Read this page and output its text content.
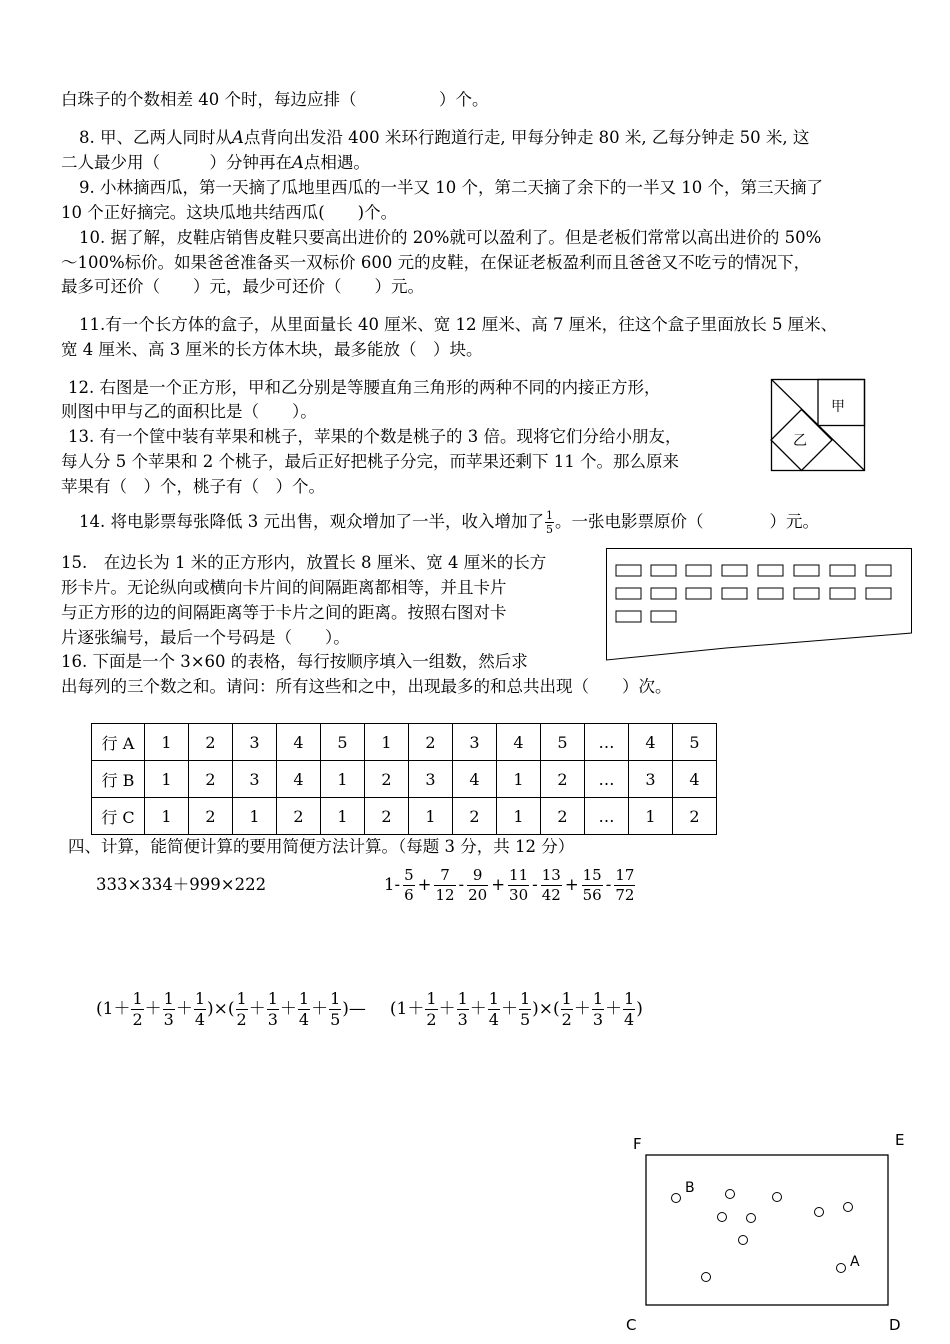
白珠子的个数相差 40 个时，每边应排（　　　　　）个。
8. 甲、乙两人同时从A点背向出发沿 400 米环行跑道行走, 甲每分钟走 80 米, 乙每分钟走 50 米, 这
二人最少用（　　　）分钟再在A点相遇。
9. 小林摘西瓜，第一天摘了瓜地里西瓜的一半又 10 个，第二天摘了余下的一半又 10 个，第三天摘了
10 个正好摘完。这块瓜地共结西瓜(　　)个。
10. 据了解，皮鞋店销售皮鞋只要高出进价的 20%就可以盈利了。但是老板们常常以高出进价的 50%
～100%标价。如果爸爸准备买一双标价 600 元的皮鞋，在保证老板盈利而且爸爸又不吃亏的情况下，
最多可还价（　　）元，最少可还价（　　）元。
11.有一个长方体的盒子，从里面量长 40 厘米、宽 12 厘米、高 7 厘米，往这个盒子里面放长 5 厘米、
宽 4 厘米、高 3 厘米的长方体木块，最多能放（　）块。
12. 右图是一个正方形，甲和乙分别是等腰直角三角形的两种不同的内接正方形，
则图中甲与乙的面积比是（　　）。
13. 有一个筐中装有苹果和桃子，苹果的个数是桃子的 3 倍。现将它们分给小朋友，
每人分 5 个苹果和 2 个桃子，最后正好把桃子分完，而苹果还剩下 11 个。那么原来
苹果有（　）个，桃子有（　）个。
14. 将电影票每张降低 3 元出售，观众增加了一半，收入增加了 $\frac{1}{5}$ 。一张电影票原价（　　　　）元。
15.　在边长为 1 米的正方形内，放置长 8 厘米、宽 4 厘米的长方
形卡片。无论纵向或横向卡片间的间隔距离都相等，并且卡片
与正方形的边的间隔距离等于卡片之间的距离。按照右图对卡
片逐张编号，最后一个号码是（　　）。
16. 下面是一个 3×60 的表格，每行按顺序填入一组数，然后求
出每列的三个数之和。请问：所有这些和之中，出现最多的和总共出现（　　）次。
甲
乙
行 A	1	2	3	4	5	1	2	3	4	5	…	4	5
行 B	1	2	3	4	1	2	3	4	1	2	…	3	4
行 C	1	2	1	2	1	2	1	2	1	2	…	1	2
四、计算，能简便计算的要用简便方法计算。（每题 3 分，共 12 分）
333×334＋999×222	$1- \frac{5}{6} + \frac{7}{12} - \frac{9}{20} + \frac{11}{30} - \frac{13}{42} + \frac{15}{56} - \frac{17}{72}$
($1+ \frac{1}{2} + \frac{1}{3} + \frac{1}{4}$ )×( $\frac{1}{2} + \frac{1}{3} + \frac{1}{4} + \frac{1}{5}$ )— ($1+ \frac{1}{2} + \frac{1}{3} + \frac{1}{4} + \frac{1}{5}$ )×( $\frac{1}{2} + \frac{1}{3} + \frac{1}{4}$ )
F	E
C	D
B
A
